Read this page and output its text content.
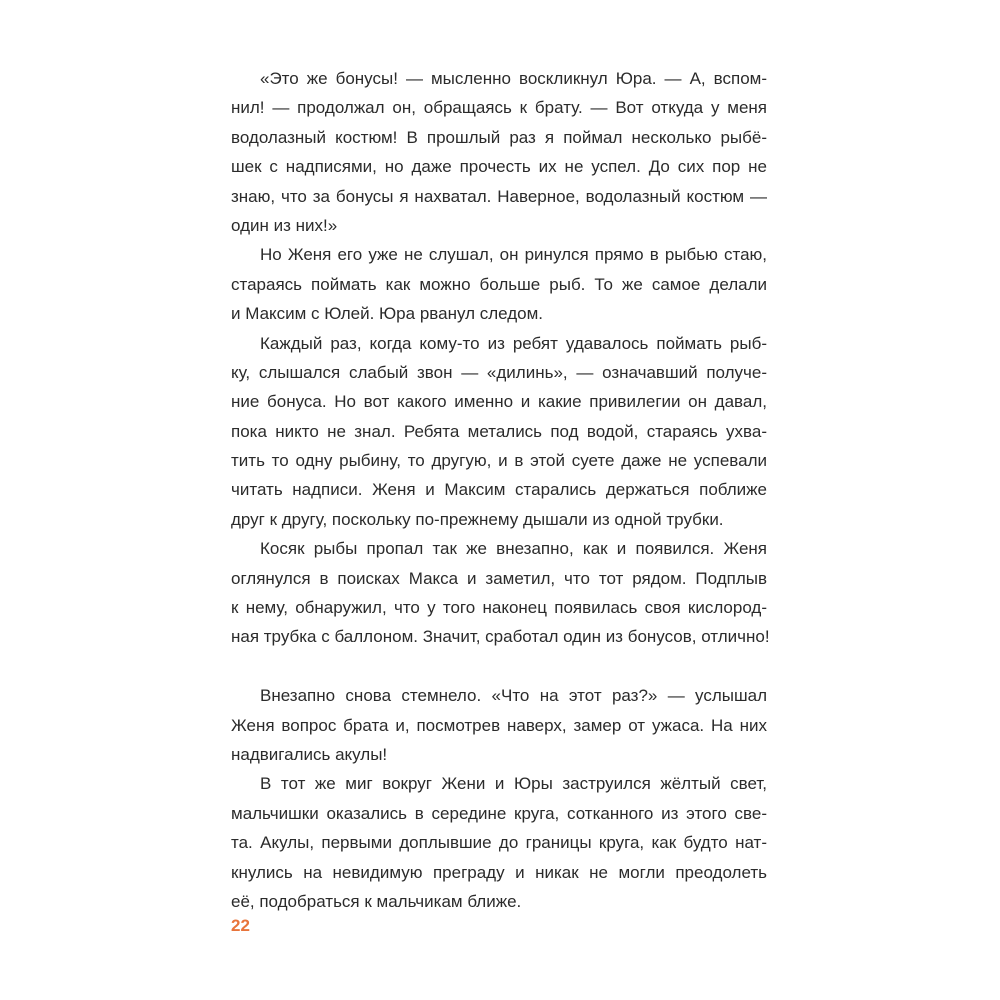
«Это же бонусы! — мысленно воскликнул Юра. — А, вспом-
нил! — продолжал он, обращаясь к брату. — Вот откуда у меня
водолазный костюм! В прошлый раз я поймал несколько рыбё-
шек с надписями, но даже прочесть их не успел. До сих пор не
знаю, что за бонусы я нахватал. Наверное, водолазный костюм —
один из них!»
Но Женя его уже не слушал, он ринулся прямо в рыбью стаю,
стараясь поймать как можно больше рыб. То же самое делали
и Максим с Юлей. Юра рванул следом.
Каждый раз, когда кому-то из ребят удавалось поймать рыб-
ку, слышался слабый звон — «дилинь», — означавший получе-
ние бонуса. Но вот какого именно и какие привилегии он давал,
пока никто не знал. Ребята метались под водой, стараясь ухва-
тить то одну рыбину, то другую, и в этой суете даже не успевали
читать надписи. Женя и Максим старались держаться поближе
друг к другу, поскольку по-прежнему дышали из одной трубки.
Косяк рыбы пропал так же внезапно, как и появился. Женя
оглянулся в поисках Макса и заметил, что тот рядом. Подплыв
к нему, обнаружил, что у того наконец появилась своя кислород-
ная трубка с баллоном. Значит, сработал один из бонусов, отлично!
Внезапно снова стемнело. «Что на этот раз?» — услышал
Женя вопрос брата и, посмотрев наверх, замер от ужаса. На них
надвигались акулы!
В тот же миг вокруг Жени и Юры заструился жёлтый свет,
мальчишки оказались в середине круга, сотканного из этого све-
та. Акулы, первыми доплывшие до границы круга, как будто нат-
кнулись на невидимую преграду и никак не могли преодолеть
её, подобраться к мальчикам ближе.
22
